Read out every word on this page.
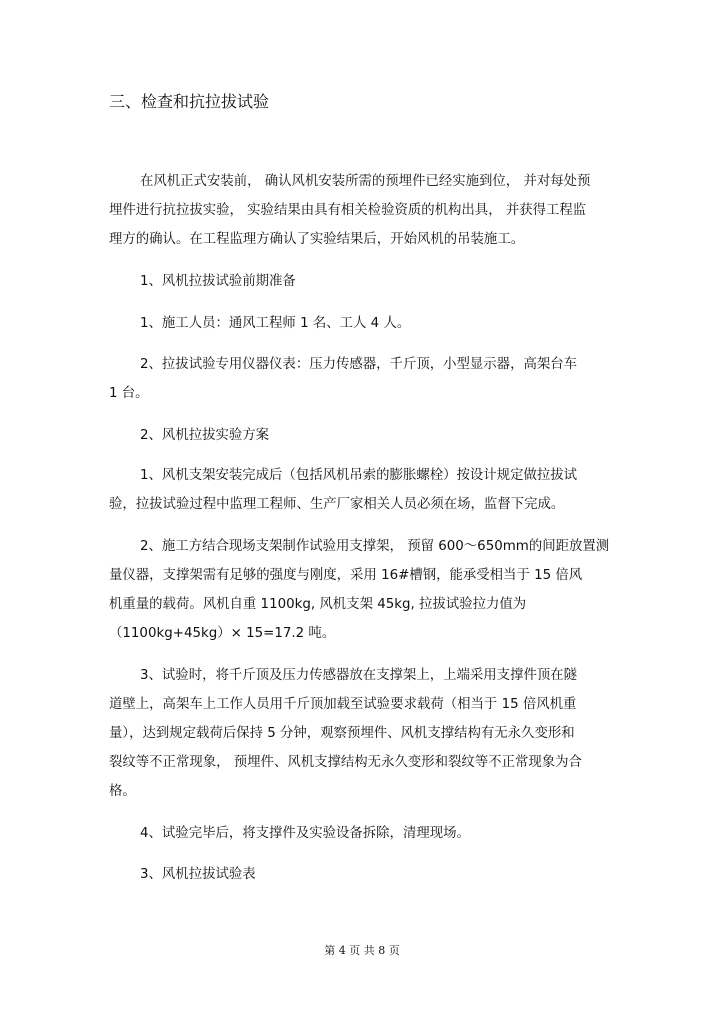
三、检查和抗拉拔试验
在风机正式安装前， 确认风机安装所需的预埋件已经实施到位， 并对每处预
埋件进行抗拉拔实验， 实验结果由具有相关检验资质的机构出具， 并获得工程监
理方的确认。在工程监理方确认了实验结果后，开始风机的吊装施工。
1、风机拉拔试验前期准备
1、施工人员：通风工程师 1 名、工人 4 人。
2、拉拔试验专用仪器仪表：压力传感器，千斤顶，小型显示器，高架台车
1 台。
2、风机拉拔实验方案
1、风机支架安装完成后（包括风机吊索的膨胀螺栓）按设计规定做拉拔试
验，拉拔试验过程中监理工程师、生产厂家相关人员必须在场，监督下完成。
2、施工方结合现场支架制作试验用支撑架， 预留 600～650mm的间距放置测
量仪器，支撑架需有足够的强度与刚度，采用 16#槽钢，能承受相当于 15 倍风
机重量的载荷。风机自重 1100kg, 风机支架 45kg, 拉拔试验拉力值为
（1100kg+45kg）× 15=17.2 吨。
3、试验时，将千斤顶及压力传感器放在支撑架上，上端采用支撑件顶在隧
道壁上，高架车上工作人员用千斤顶加载至试验要求载荷（相当于 15 倍风机重
量），达到规定载荷后保持 5 分钟，观察预埋件、风机支撑结构有无永久变形和
裂纹等不正常现象， 预埋件、风机支撑结构无永久变形和裂纹等不正常现象为合
格。
4、试验完毕后，将支撑件及实验设备拆除，清理现场。
3、风机拉拔试验表
第 4 页 共 8 页
